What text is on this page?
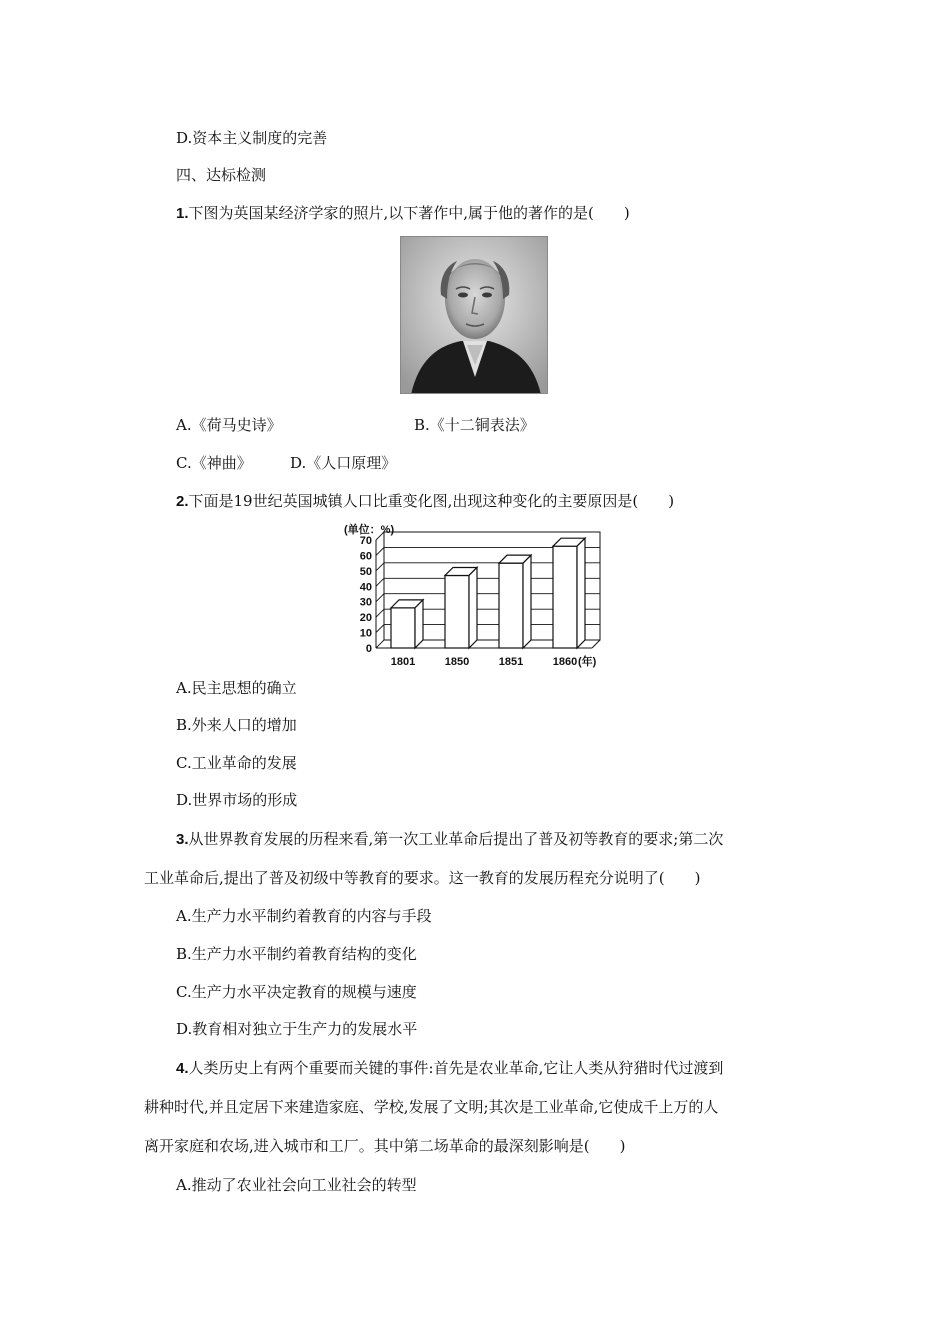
D.资本主义制度的完善
四、达标检测
1.下图为英国某经济学家的照片,以下著作中,属于他的著作的是(　　)
A.《荷马史诗》	B.《十二铜表法》
C.《神曲》	D.《人口原理》
2.下面是19世纪英国城镇人口比重变化图,出现这种变化的主要原因是(　　)
(单位：%)
0
10
20
30
40
50
60
70
1801	1850	1851	1860 (年)
A.民主思想的确立
B.外来人口的增加
C.工业革命的发展
D.世界市场的形成
3.从世界教育发展的历程来看,第一次工业革命后提出了普及初等教育的要求;第二次
工业革命后,提出了普及初级中等教育的要求。这一教育的发展历程充分说明了(　　)
A.生产力水平制约着教育的内容与手段
B.生产力水平制约着教育结构的变化
C.生产力水平决定教育的规模与速度
D.教育相对独立于生产力的发展水平
4.人类历史上有两个重要而关键的事件:首先是农业革命,它让人类从狩猎时代过渡到
耕种时代,并且定居下来建造家庭、学校,发展了文明;其次是工业革命,它使成千上万的人
离开家庭和农场,进入城市和工厂。其中第二场革命的最深刻影响是(　　)
A.推动了农业社会向工业社会的转型
